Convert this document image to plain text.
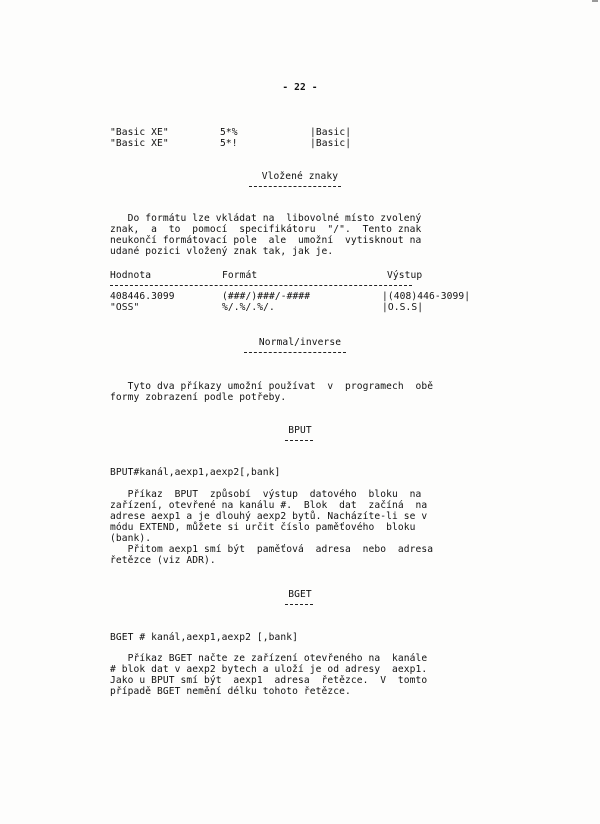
- 22 -
"Basic XE"	5*%	|Basic|
"Basic XE"	5*!	|Basic|
Vložené znaky
Do formátu lze vkládat na  libovolné místo zvolený
znak,  a  to  pomocí  specifikátoru  "/".  Tento znak
neukončí formátovací pole  ale  umožní  vytisknout na
udané pozici vložený znak tak, jak je.
Hodnota	Formát	Výstup
408446.3099	(###/)###/-####	|(408)446-3099|
"OSS"	%/.%/.%/.	|O.S.S|
Normal/inverse
Tyto dva příkazy umožní používat  v  programech  obě
formy zobrazení podle potřeby.
BPUT
BPUT#kanál,aexp1,aexp2[,bank]
Příkaz  BPUT  způsobí  výstup  datového  bloku  na
zařízení, otevřené na kanálu #.  Blok  dat  začíná  na
adrese aexp1 a je dlouhý aexp2 bytů. Nacházíte-li se v
módu EXTEND, můžete si určit číslo paměťového  bloku
(bank).
Přitom aexp1 smí být  paměťová  adresa  nebo  adresa
řetězce (viz ADR).
BGET
BGET # kanál,aexp1,aexp2 [,bank]
Příkaz BGET načte ze zařízení otevřeného na  kanále
# blok dat v aexp2 bytech a uloží je od adresy  aexp1.
Jako u BPUT smí být  aexp1  adresa  řetězce.  V  tomto
případě BGET nemění délku tohoto řetězce.
